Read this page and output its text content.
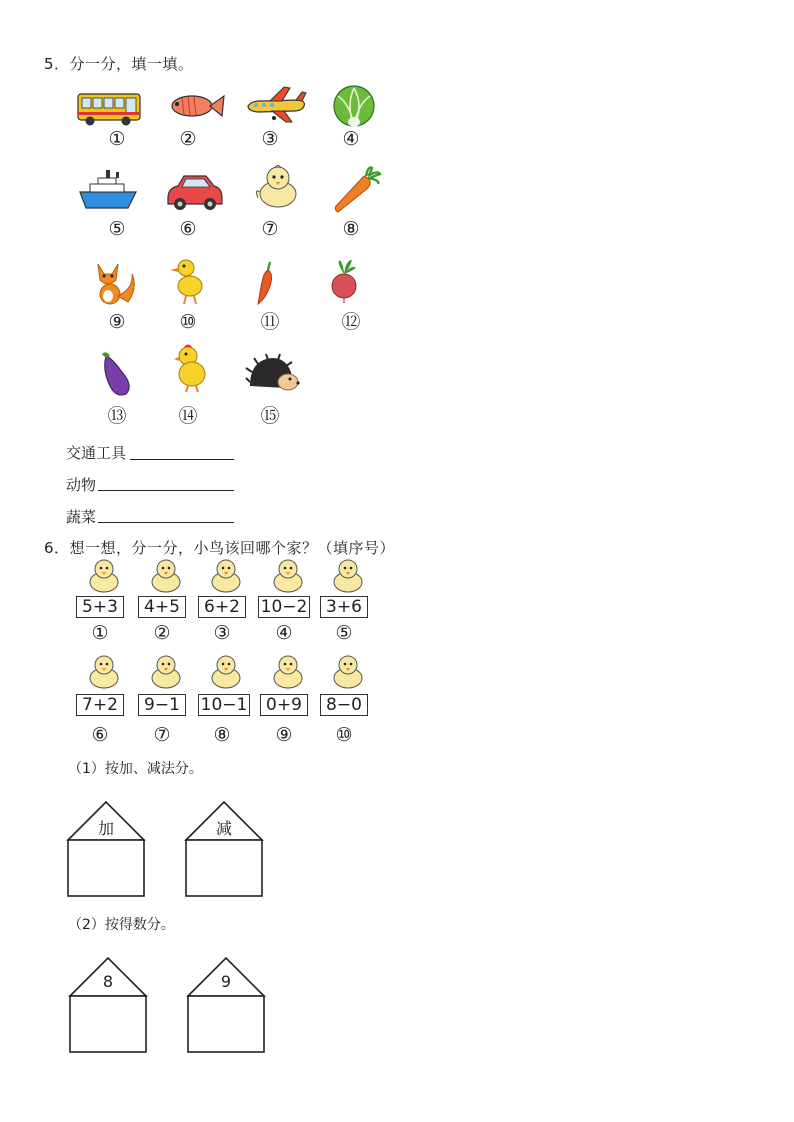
5．分一分，填一填。
①	②	③	④
⑤	⑥	⑦	⑧
⑨	⑩	⑪	⑫
⑬	⑭	⑮
交通工具
动物
蔬菜
6．想一想，分一分，小鸟该回哪个家？（填序号）
5+3
①
4+5
②
6+2
③
10−2
④
3+6
⑤
7+2
⑥
9−1
⑦
10−1
⑧
0+9
⑨
8−0
⑩
（1）按加、减法分。
加	减
（2）按得数分。
8	9
